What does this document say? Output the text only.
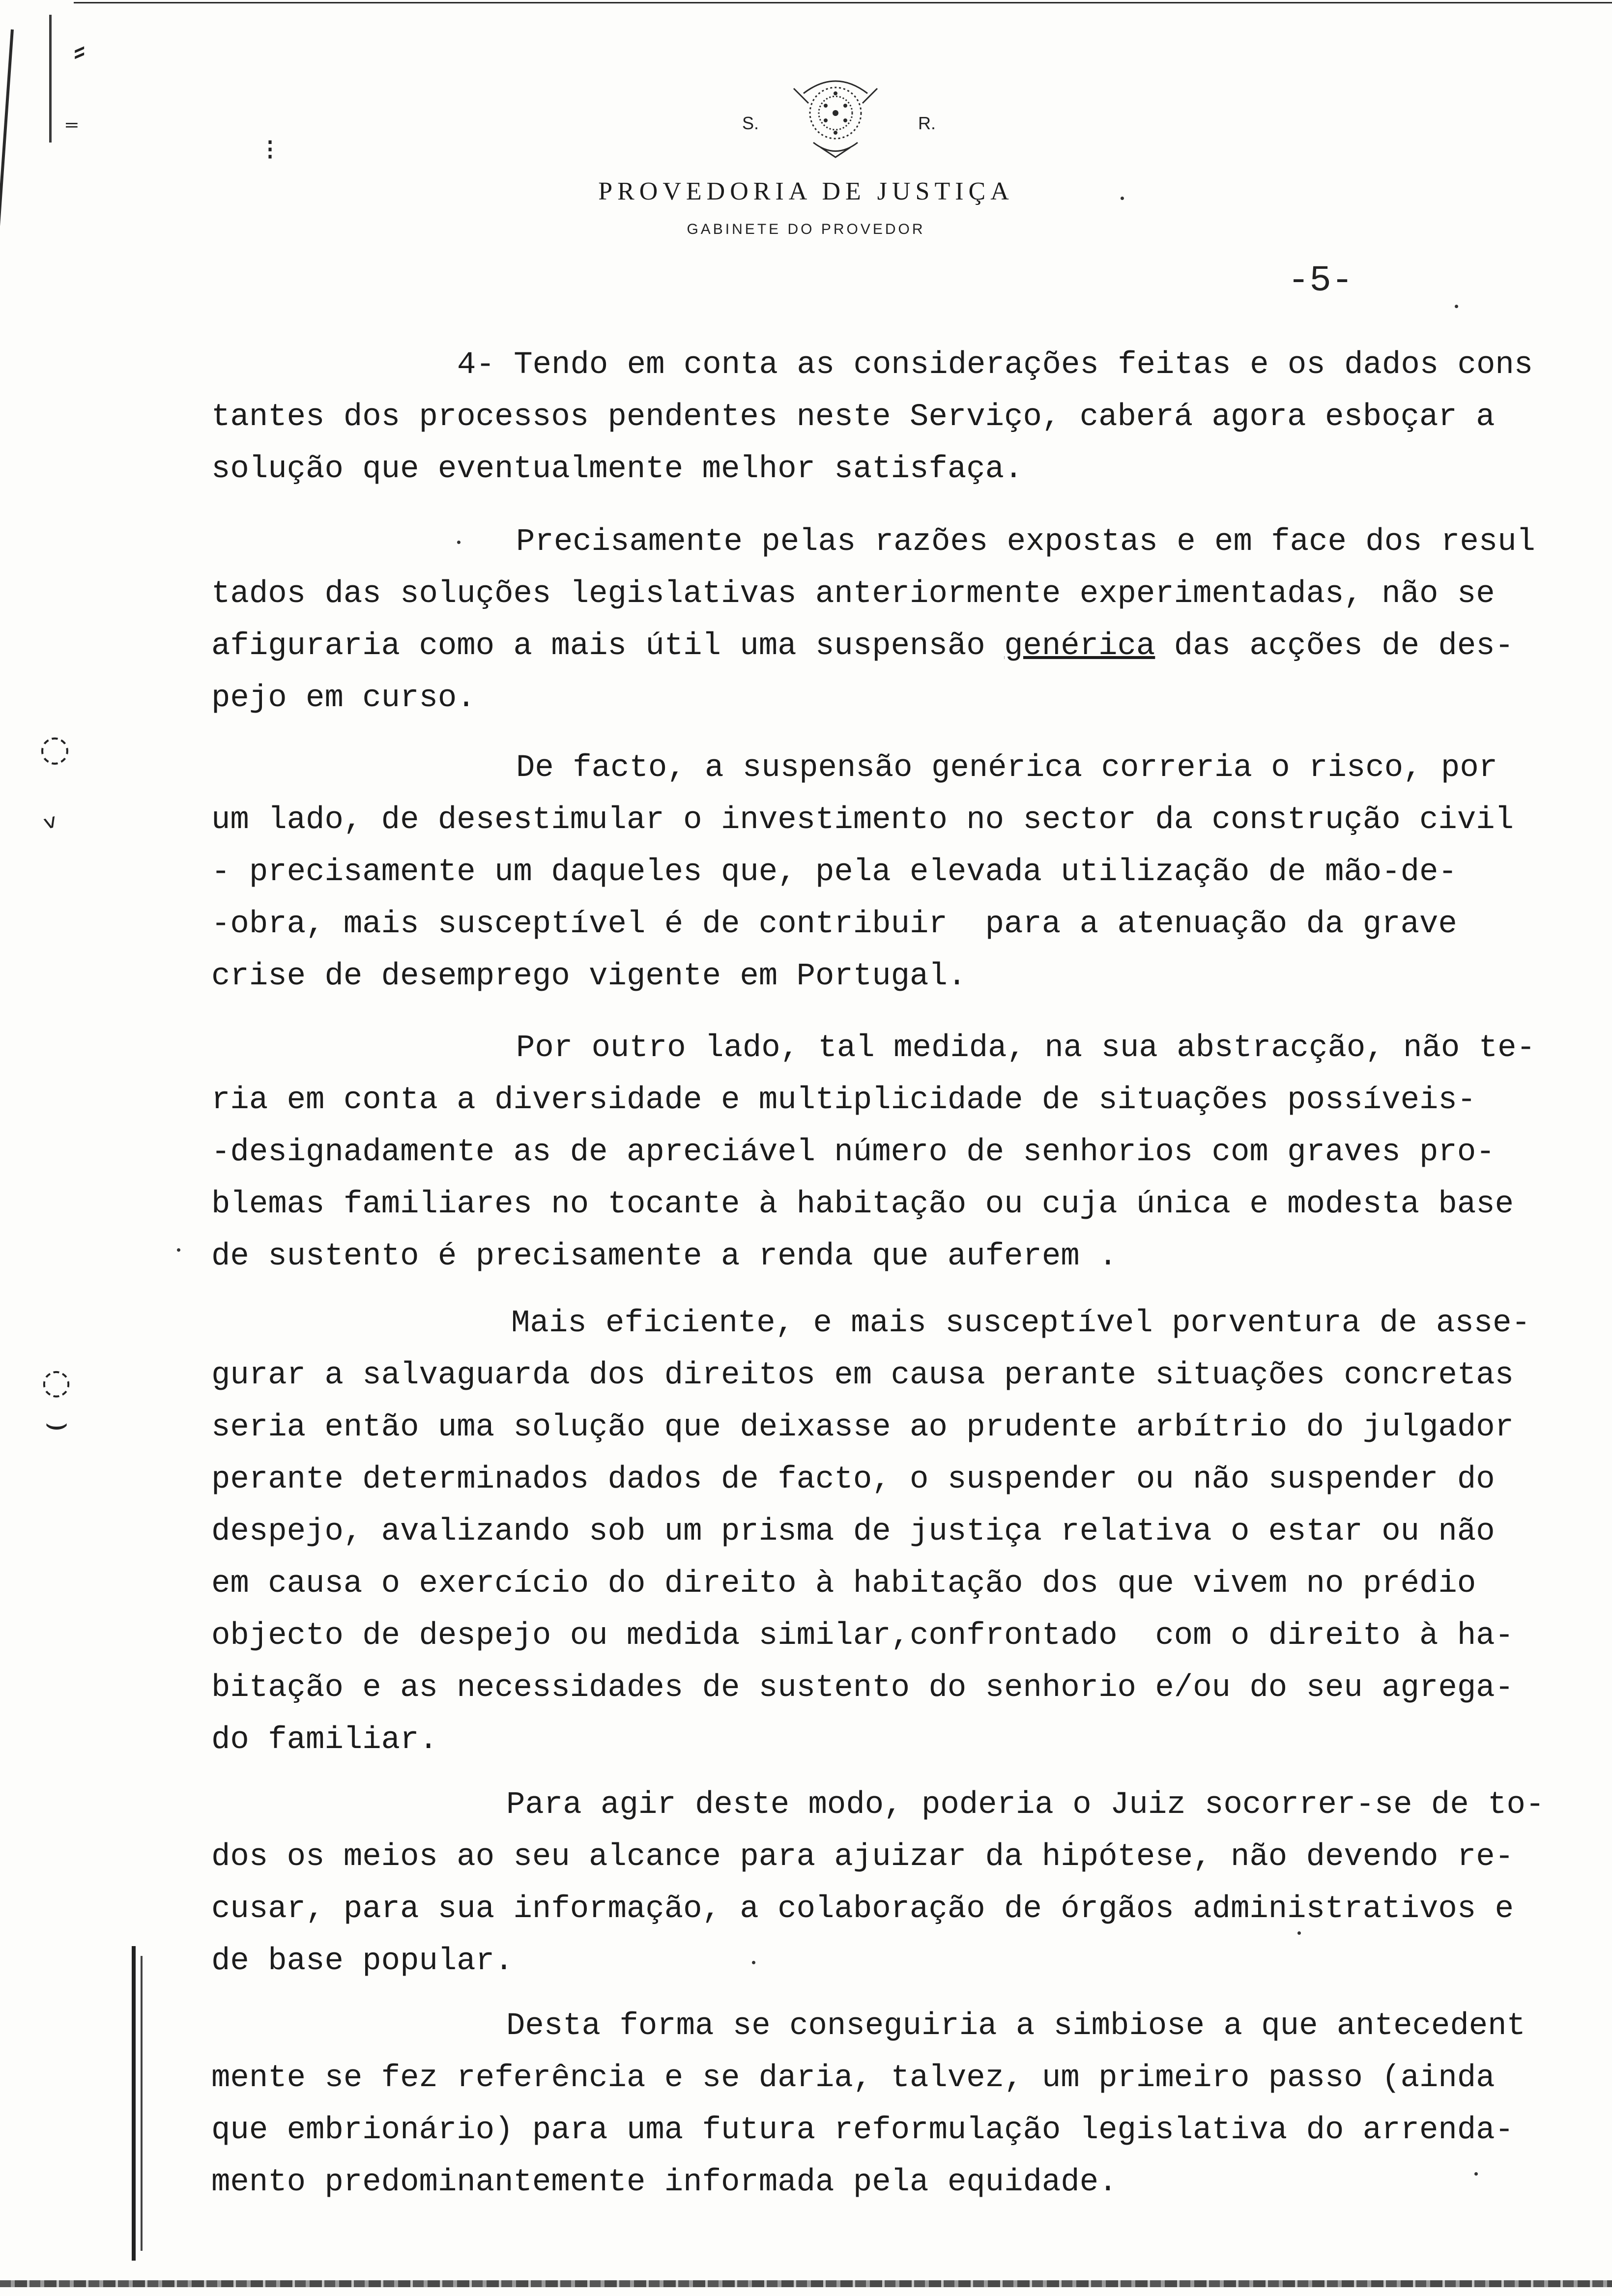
⸗
⁼
⁝
◌
ᵥ
◌
⌣
S.	R.
PROVEDORIA DE JUSTIÇA
GABINETE DO PROVEDOR
-5-
4- Tendo em conta as considerações feitas e os dados cons
tantes dos processos pendentes neste Serviço, caberá agora esboçar a
solução que eventualmente melhor satisfaça.
Precisamente pelas razões expostas e em face dos resul
tados das soluções legislativas anteriormente experimentadas, não se
afiguraria como a mais útil uma suspensão genérica das acções de des-
pejo em curso.
De facto, a suspensão genérica correria o risco, por
um lado, de desestimular o investimento no sector da construção civil
- precisamente um daqueles que, pela elevada utilização de mão-de-
-obra, mais susceptível é de contribuir  para a atenuação da grave
crise de desemprego vigente em Portugal.
Por outro lado, tal medida, na sua abstracção, não te-
ria em conta a diversidade e multiplicidade de situações possíveis-
-designadamente as de apreciável número de senhorios com graves pro-
blemas familiares no tocante à habitação ou cuja única e modesta base
de sustento é precisamente a renda que auferem .
Mais eficiente, e mais susceptível porventura de asse-
gurar a salvaguarda dos direitos em causa perante situações concretas
seria então uma solução que deixasse ao prudente arbítrio do julgador
perante determinados dados de facto, o suspender ou não suspender do
despejo, avalizando sob um prisma de justiça relativa o estar ou não
em causa o exercício do direito à habitação dos que vivem no prédio
objecto de despejo ou medida similar,confrontado  com o direito à ha-
bitação e as necessidades de sustento do senhorio e/ou do seu agrega-
do familiar.
Para agir deste modo, poderia o Juiz socorrer-se de to-
dos os meios ao seu alcance para ajuizar da hipótese, não devendo re-
cusar, para sua informação, a colaboração de órgãos administrativos e
de base popular.
Desta forma se conseguiria a simbiose a que antecedent
mente se fez referência e se daria, talvez, um primeiro passo (ainda
que embrionário) para uma futura reformulação legislativa do arrenda-
mento predominantemente informada pela equidade.
